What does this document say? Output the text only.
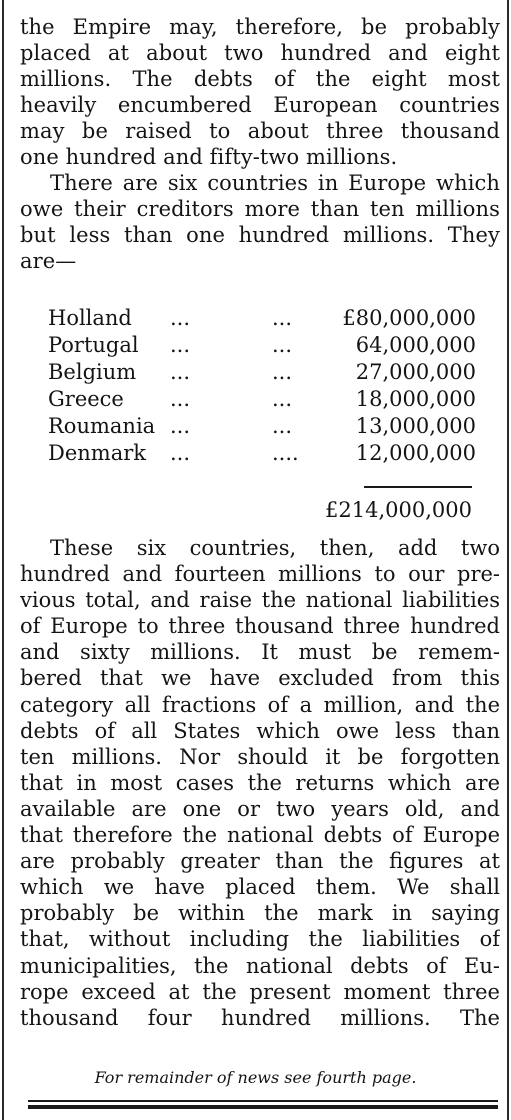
the Empire may, therefore, be probably
placed at about two hundred and eight
millions. The debts of the eight most
heavily encumbered European countries
may be raised to about three thousand
one hundred and fifty-two millions.
There are six countries in Europe which
owe their creditors more than ten millions
but less than one hundred millions. They
are—
Holland	...	...	£80,000,000
Portugal	...	...	64,000,000
Belgium	...	...	27,000,000
Greece	...	...	18,000,000
Roumania ...	...	13,000,000
Denmark	...	....	12,000,000
£214,000,000
These six countries, then, add two
hundred and fourteen millions to our pre-
vious total, and raise the national liabilities
of Europe to three thousand three hundred
and sixty millions. It must be remem-
bered that we have excluded from this
category all fractions of a million, and the
debts of all States which owe less than
ten millions. Nor should it be forgotten
that in most cases the returns which are
available are one or two years old, and
that therefore the national debts of Europe
are probably greater than the figures at
which we have placed them. We shall
probably be within the mark in saying
that, without including the liabilities of
municipalities, the national debts of Eu-
rope exceed at the present moment three
thousand four hundred millions. The
For remainder of news see fourth page.
